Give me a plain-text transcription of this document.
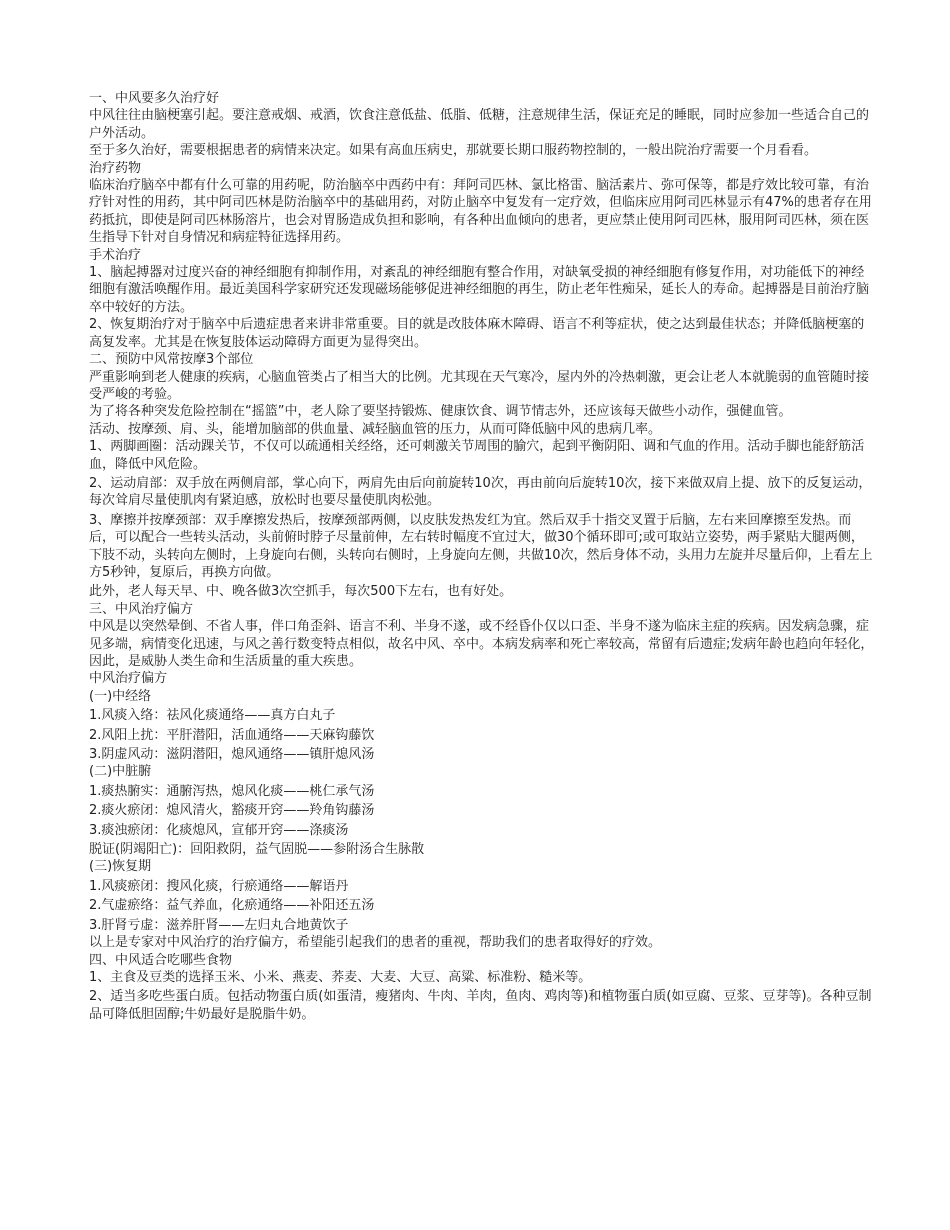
一、中风要多久治疗好

中风往往由脑梗塞引起。要注意戒烟、戒酒，饮食注意低盐、低脂、低糖，注意规律生活，保证充足的睡眠，同时应参加一些适合自己的户外活动。

至于多久治好，需要根据患者的病情来决定。如果有高血压病史，那就要长期口服药物控制的，一般出院治疗需要一个月看看。

治疗药物

临床治疗脑卒中都有什么可靠的用药呢，防治脑卒中西药中有：拜阿司匹林、氯比格雷、脑活素片、弥可保等，都是疗效比较可靠，有治疗针对性的用药，其中阿司匹林是防治脑卒中的基础用药，对防止脑卒中复发有一定疗效，但临床应用阿司匹林显示有47%的患者存在用药抵抗，即使是阿司匹林肠溶片，也会对胃肠造成负担和影响，有各种出血倾向的患者，更应禁止使用阿司匹林，服用阿司匹林，须在医生指导下针对自身情况和病症特征选择用药。

手术治疗

1、脑起搏器对过度兴奋的神经细胞有抑制作用，对紊乱的神经细胞有整合作用，对缺氧受损的神经细胞有修复作用，对功能低下的神经细胞有激活唤醒作用。最近美国科学家研究还发现磁场能够促进神经细胞的再生，防止老年性痴呆，延长人的寿命。起搏器是目前治疗脑卒中较好的方法。

2、恢复期治疗对于脑卒中后遗症患者来讲非常重要。目的就是改肢体麻木障碍、语言不利等症状，使之达到最佳状态；并降低脑梗塞的高复发率。尤其是在恢复肢体运动障碍方面更为显得突出。

二、预防中风常按摩3个部位

严重影响到老人健康的疾病，心脑血管类占了相当大的比例。尤其现在天气寒冷，屋内外的冷热刺激，更会让老人本就脆弱的血管随时接受严峻的考验。

为了将各种突发危险控制在“摇篮”中，老人除了要坚持锻炼、健康饮食、调节情志外，还应该每天做些小动作，强健血管。

活动、按摩颈、肩、头，能增加脑部的供血量、减轻脑血管的压力，从而可降低脑中风的患病几率。

1、两脚画圈：活动踝关节，不仅可以疏通相关经络，还可刺激关节周围的腧穴，起到平衡阴阳、调和气血的作用。活动手脚也能舒筋活血，降低中风危险。

2、运动肩部：双手放在两侧肩部，掌心向下，两肩先由后向前旋转10次，再由前向后旋转10次，接下来做双肩上提、放下的反复运动，每次耸肩尽量使肌肉有紧迫感，放松时也要尽量使肌肉松弛。

3、摩擦并按摩颈部：双手摩擦发热后，按摩颈部两侧，以皮肤发热发红为宜。然后双手十指交叉置于后脑，左右来回摩擦至发热。而后，可以配合一些转头活动，头前俯时脖子尽量前伸，左右转时幅度不宜过大，做30个循环即可;或可取站立姿势，两手紧贴大腿两侧，下肢不动，头转向左侧时，上身旋向右侧，头转向右侧时，上身旋向左侧，共做10次，然后身体不动，头用力左旋并尽量后仰，上看左上方5秒钟，复原后，再换方向做。

此外，老人每天早、中、晚各做3次空抓手，每次500下左右，也有好处。

三、中风治疗偏方

中风是以突然晕倒、不省人事，伴口角歪斜、语言不利、半身不遂，或不经昏仆仅以口歪、半身不遂为临床主症的疾病。因发病急骤，症见多端，病情变化迅速，与风之善行数变特点相似，故名中风、卒中。本病发病率和死亡率较高，常留有后遗症;发病年龄也趋向年轻化，因此，是威胁人类生命和生活质量的重大疾患。

中风治疗偏方

(一)中经络

1.风痰入络：祛风化痰通络——真方白丸子

2.风阳上扰：平肝潜阳，活血通络——天麻钩藤饮

3.阴虚风动：滋阴潜阳，熄风通络——镇肝熄风汤

(二)中脏腑

1.痰热腑实：通腑泻热，熄风化痰——桃仁承气汤

2.痰火瘀闭：熄风清火，豁痰开窍——羚角钩藤汤

3.痰浊瘀闭：化痰熄风，宣郁开窍——涤痰汤

脱证(阴竭阳亡)：回阳救阴，益气固脱——参附汤合生脉散

(三)恢复期

1.风痰瘀闭：搜风化痰，行瘀通络——解语丹

2.气虚瘀络：益气养血，化瘀通络——补阳还五汤

3.肝肾亏虚：滋养肝肾——左归丸合地黄饮子

以上是专家对中风治疗的治疗偏方，希望能引起我们的患者的重视，帮助我们的患者取得好的疗效。

四、中风适合吃哪些食物

1、主食及豆类的选择玉米、小米、燕麦、荞麦、大麦、大豆、高粱、标准粉、糙米等。

2、适当多吃些蛋白质。包括动物蛋白质(如蛋清，瘦猪肉、牛肉、羊肉，鱼肉、鸡肉等)和植物蛋白质(如豆腐、豆浆、豆芽等)。各种豆制品可降低胆固醇;牛奶最好是脱脂牛奶。
